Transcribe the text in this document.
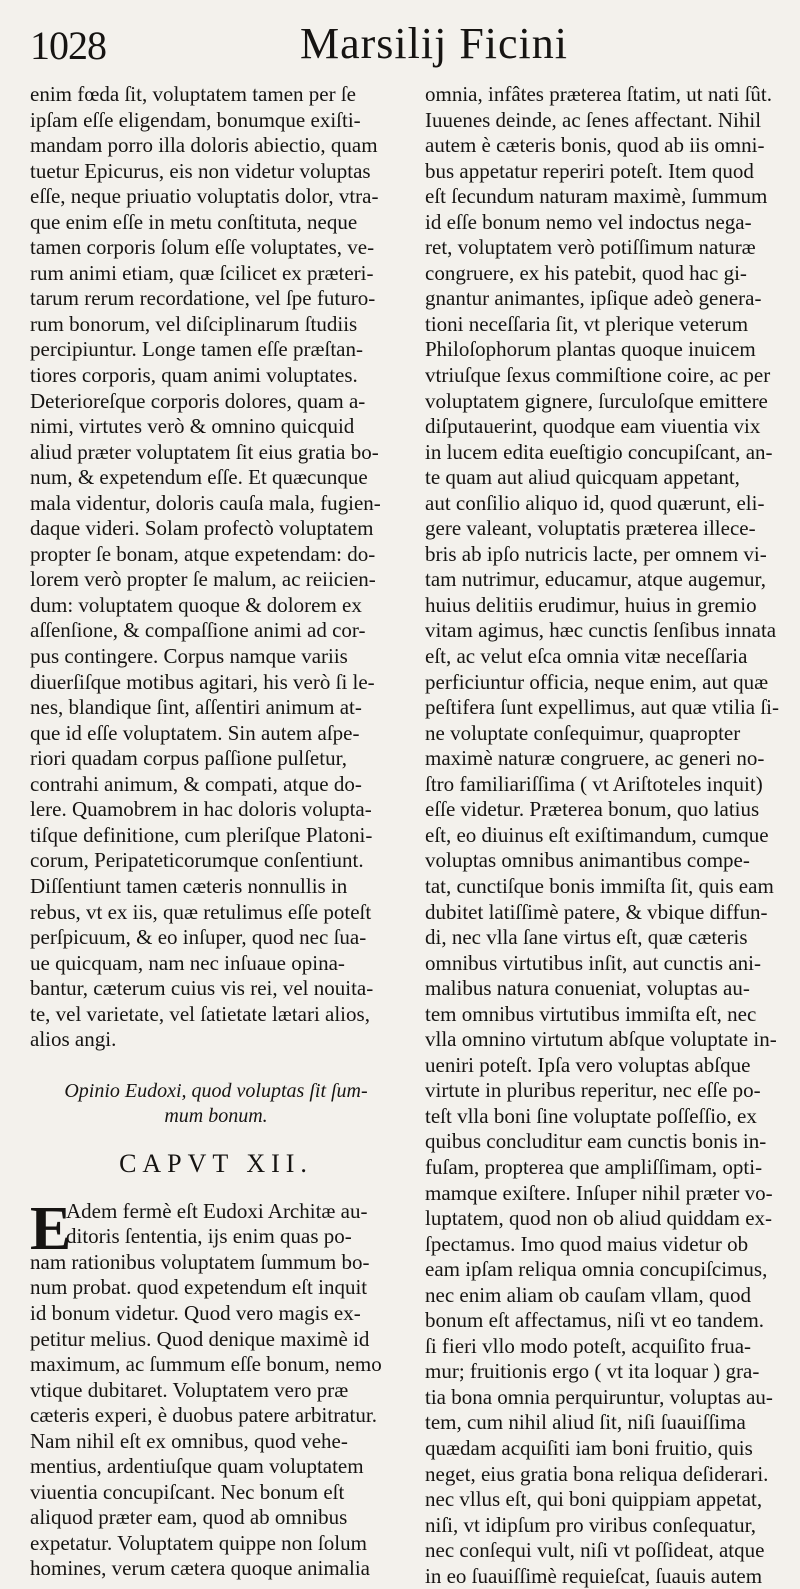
1028	Marsilij Ficini
enim fœda ſit, voluptatem tamen per ſe
ipſam eſſe eligendam, bonumque exiſti-
mandam porro illa doloris abiectio, quam
tuetur Epicurus, eis non videtur voluptas
eſſe, neque priuatio voluptatis dolor, vtra-
que enim eſſe in metu conſtituta, neque
tamen corporis ſolum eſſe voluptates, ve-
rum animi etiam, quæ ſcilicet ex præteri-
tarum rerum recordatione, vel ſpe futuro-
rum bonorum, vel diſciplinarum ſtudiis
percipiuntur. Longe tamen eſſe præſtan-
tiores corporis, quam animi voluptates.
Deterioreſque corporis dolores, quam a-
nimi, virtutes verò & omnino quicquid
aliud præter voluptatem ſit eius gratia bo-
num, & expetendum eſſe. Et quæcunque
mala videntur, doloris cauſa mala, fugien-
daque videri. Solam profectò voluptatem
propter ſe bonam, atque expetendam: do-
lorem verò propter ſe malum, ac reiicien-
dum: voluptatem quoque & dolorem ex
aſſenſione, & compaſſione animi ad cor-
pus contingere. Corpus namque variis
diuerſiſque motibus agitari, his verò ſi le-
nes, blandique ſint, aſſentiri animum at-
que id eſſe voluptatem. Sin autem aſpe-
riori quadam corpus paſſione pulſetur,
contrahi animum, & compati, atque do-
lere. Quamobrem in hac doloris volupta-
tiſque definitione, cum pleriſque Platoni-
corum, Peripateticorumque conſentiunt.
Diſſentiunt tamen cæteris nonnullis in
rebus, vt ex iis, quæ retulimus eſſe poteſt
perſpicuum, & eo inſuper, quod nec ſua-
ue quicquam, nam nec inſuaue opina-
bantur, cæterum cuius vis rei, vel nouita-
te, vel varietate, vel ſatietate lætari alios,
alios angi.
Opinio Eudoxi, quod voluptas ſit ſum-
mum bonum.
CAPVT XII.
E
Adem fermè eſt Eudoxi Architæ au-
ditoris ſententia, ijs enim quas po-
nam rationibus voluptatem ſummum bo-
num probat. quod expetendum eſt inquit
id bonum videtur. Quod vero magis ex-
petitur melius. Quod denique maximè id
maximum, ac ſummum eſſe bonum, nemo
vtique dubitaret. Voluptatem vero præ
cæteris experi, è duobus patere arbitratur.
Nam nihil eſt ex omnibus, quod vehe-
mentius, ardentiuſque quam voluptatem
viuentia concupiſcant. Nec bonum eſt
aliquod præter eam, quod ab omnibus
expetatur. Voluptatem quippe non ſolum
homines, verum cætera quoque animalia
omnia, infâtes præterea ſtatim, ut nati ſût.
Iuuenes deinde, ac ſenes affectant. Nihil
autem è cæteris bonis, quod ab iis omni-
bus appetatur reperiri poteſt. Item quod
eſt ſecundum naturam maximè, ſummum
id eſſe bonum nemo vel indoctus nega-
ret, voluptatem verò potiſſimum naturæ
congruere, ex his patebit, quod hac gi-
gnantur animantes, ipſique adeò genera-
tioni neceſſaria ſit, vt plerique veterum
Philoſophorum plantas quoque inuicem
vtriuſque ſexus commiſtione coire, ac per
voluptatem gignere, ſurculoſque emittere
diſputauerint, quodque eam viuentia vix
in lucem edita eueſtigio concupiſcant, an-
te quam aut aliud quicquam appetant,
aut conſilio aliquo id, quod quærunt, eli-
gere valeant, voluptatis præterea illece-
bris ab ipſo nutricis lacte, per omnem vi-
tam nutrimur, educamur, atque augemur,
huius delitiis erudimur, huius in gremio
vitam agimus, hæc cunctis ſenſibus innata
eſt, ac velut eſca omnia vitæ neceſſaria
perficiuntur officia, neque enim, aut quæ
peſtifera ſunt expellimus, aut quæ vtilia ſi-
ne voluptate conſequimur, quapropter
maximè naturæ congruere, ac generi no-
ſtro familiariſſima ( vt Ariſtoteles inquit)
eſſe videtur. Præterea bonum, quo latius
eſt, eo diuinus eſt exiſtimandum, cumque
voluptas omnibus animantibus compe-
tat, cunctiſque bonis immiſta ſit, quis eam
dubitet latiſſimè patere, & vbique diffun-
di, nec vlla ſane virtus eſt, quæ cæteris
omnibus virtutibus inſit, aut cunctis ani-
malibus natura conueniat, voluptas au-
tem omnibus virtutibus immiſta eſt, nec
vlla omnino virtutum abſque voluptate in-
ueniri poteſt. Ipſa vero voluptas abſque
virtute in pluribus reperitur, nec eſſe po-
teſt vlla boni ſine voluptate poſſeſſio, ex
quibus concluditur eam cunctis bonis in-
fuſam, propterea que ampliſſimam, opti-
mamque exiſtere. Inſuper nihil præter vo-
luptatem, quod non ob aliud quiddam ex-
ſpectamus. Imo quod maius videtur ob
eam ipſam reliqua omnia concupiſcimus,
nec enim aliam ob cauſam vllam, quod
bonum eſt affectamus, niſi vt eo tandem.
ſi fieri vllo modo poteſt, acquiſito frua-
mur; fruitionis ergo ( vt ita loquar ) gra-
tia bona omnia perquiruntur, voluptas au-
tem, cum nihil aliud ſit, niſi ſuauiſſima
quædam acquiſiti iam boni fruitio, quis
neget, eius gratia bona reliqua deſiderari.
nec vllus eſt, qui boni quippiam appetat,
niſi, vt idipſum pro viribus conſequatur,
nec conſequi vult, niſi vt poſſideat, atque
in eo ſuauiſſimè requieſcat, ſuauis autem
